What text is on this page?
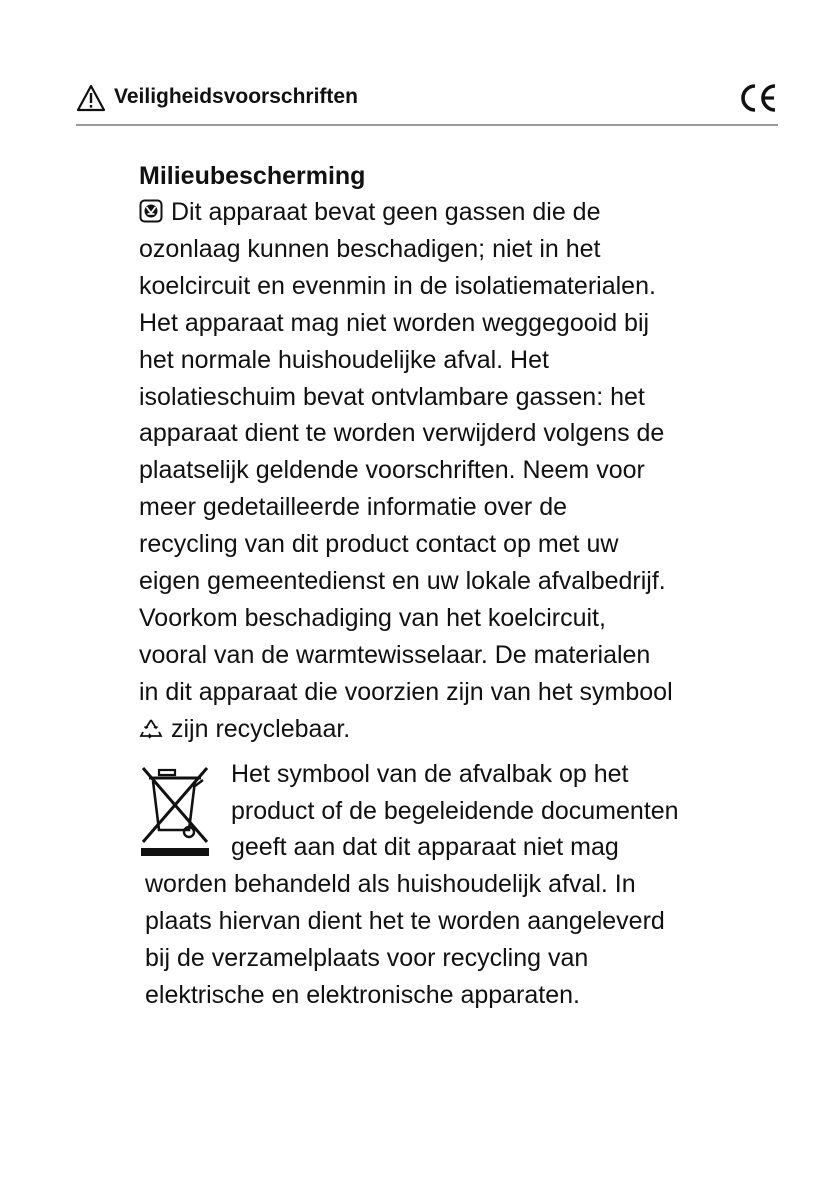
Veiligheidsvoorschriften
Milieubescherming
Dit apparaat bevat geen gassen die de
ozonlaag kunnen beschadigen; niet in het
koelcircuit en evenmin in de isolatiematerialen.
Het apparaat mag niet worden weggegooid bij
het normale huishoudelijke afval. Het
isolatieschuim bevat ontvlambare gassen: het
apparaat dient te worden verwijderd volgens de
plaatselijk geldende voorschriften. Neem voor
meer gedetailleerde informatie over de
recycling van dit product contact op met uw
eigen gemeentedienst en uw lokale afvalbedrijf.
Voorkom beschadiging van het koelcircuit,
vooral van de warmtewisselaar. De materialen
in dit apparaat die voorzien zijn van het symbool
zijn recyclebaar.
Het symbool van de afvalbak op het
product of de begeleidende documenten
geeft aan dat dit apparaat niet mag
worden behandeld als huishoudelijk afval. In
plaats hiervan dient het te worden aangeleverd
bij de verzamelplaats voor recycling van
elektrische en elektronische apparaten.
